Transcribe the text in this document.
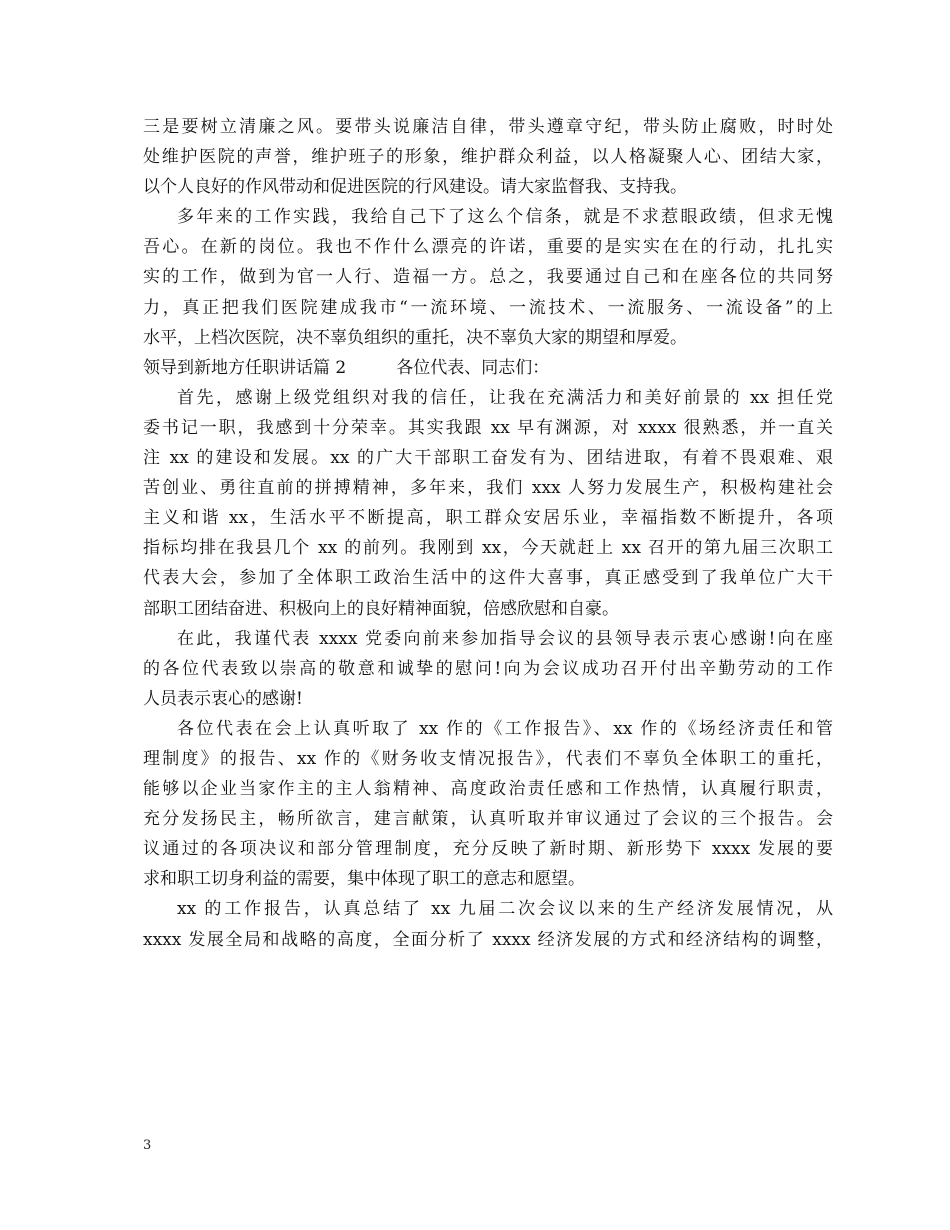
三是要树立清廉之风。要带头说廉洁自律，带头遵章守纪，带头防止腐败，时时处
处维护医院的声誉，维护班子的形象，维护群众利益，以人格凝聚人心、团结大家，
以个人良好的作风带动和促进医院的行风建设。请大家监督我、支持我。
多年来的工作实践，我给自己下了这么个信条，就是不求惹眼政绩，但求无愧
吾心。在新的岗位。我也不作什么漂亮的许诺，重要的是实实在在的行动，扎扎实
实的工作，做到为官一人行、造福一方。总之，我要通过自己和在座各位的共同努
力，真正把我们医院建成我市“一流环境、一流技术、一流服务、一流设备”的上
水平，上档次医院，决不辜负组织的重托，决不辜负大家的期望和厚爱。
领导到新地方任职讲话篇 2	各位代表、同志们：
首先，感谢上级党组织对我的信任，让我在充满活力和美好前景的 xx 担任党
委书记一职，我感到十分荣幸。其实我跟 xx 早有渊源，对 xxxx 很熟悉，并一直关
注 xx 的建设和发展。xx 的广大干部职工奋发有为、团结进取，有着不畏艰难、艰
苦创业、勇往直前的拼搏精神，多年来，我们 xxx 人努力发展生产，积极构建社会
主义和谐 xx，生活水平不断提高，职工群众安居乐业，幸福指数不断提升，各项
指标均排在我县几个 xx 的前列。我刚到 xx，今天就赶上 xx 召开的第九届三次职工
代表大会，参加了全体职工政治生活中的这件大喜事，真正感受到了我单位广大干
部职工团结奋进、积极向上的良好精神面貌，倍感欣慰和自豪。
在此，我谨代表 xxxx 党委向前来参加指导会议的县领导表示衷心感谢!向在座
的各位代表致以崇高的敬意和诚挚的慰问!向为会议成功召开付出辛勤劳动的工作
人员表示衷心的感谢!
各位代表在会上认真听取了 xx 作的《工作报告》、xx 作的《场经济责任和管
理制度》的报告、xx 作的《财务收支情况报告》，代表们不辜负全体职工的重托，
能够以企业当家作主的主人翁精神、高度政治责任感和工作热情，认真履行职责，
充分发扬民主，畅所欲言，建言献策，认真听取并审议通过了会议的三个报告。会
议通过的各项决议和部分管理制度，充分反映了新时期、新形势下 xxxx 发展的要
求和职工切身利益的需要，集中体现了职工的意志和愿望。
xx 的工作报告，认真总结了 xx 九届二次会议以来的生产经济发展情况，从
xxxx 发展全局和战略的高度，全面分析了 xxxx 经济发展的方式和经济结构的调整，
3
